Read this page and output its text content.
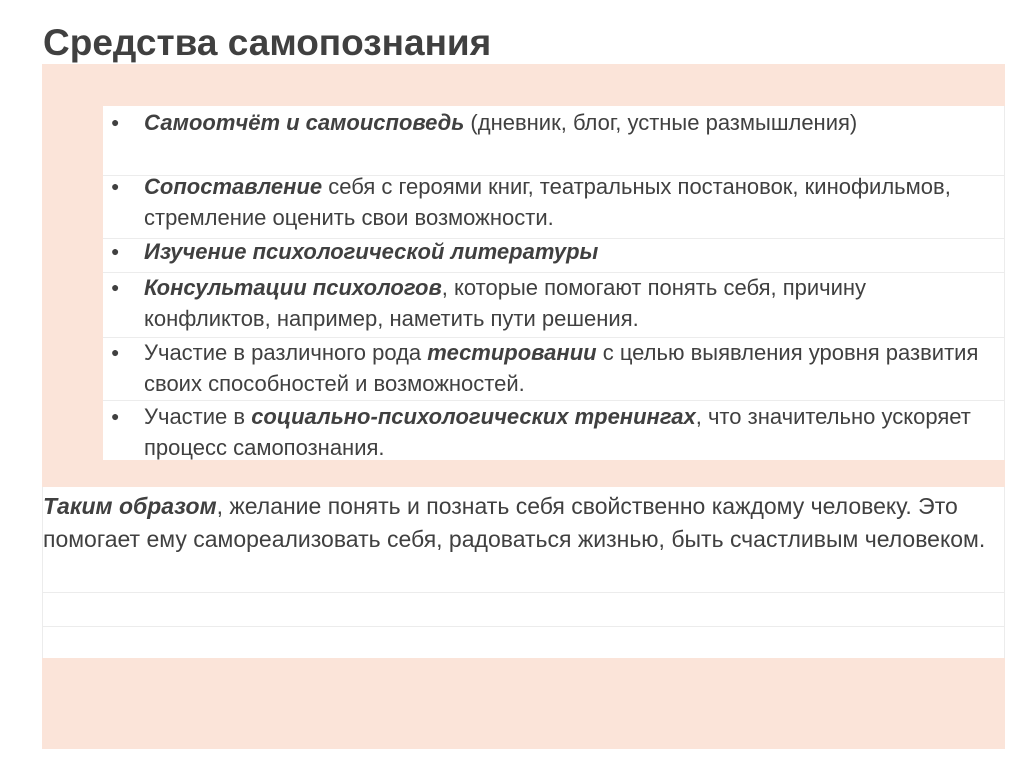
Средства самопознания
● Самоотчёт и самоисповедь (дневник, блог, устные размышления)
● Сопоставление себя с героями книг, театральных постановок, кинофильмов, стремление оценить свои возможности.
● Изучение психологической литературы
● Консультации психологов, которые помогают понять себя, причину конфликтов, например, наметить пути решения.
● Участие в различного рода тестировании с целью выявления уровня развития своих способностей и возможностей.
● Участие в социально-психологических тренингах, что значительно ускоряет процесс самопознания.

Таким образом, желание понять и познать себя свойственно каждому человеку. Это помогает ему самореализовать себя, радоваться жизнью, быть счастливым человеком.
